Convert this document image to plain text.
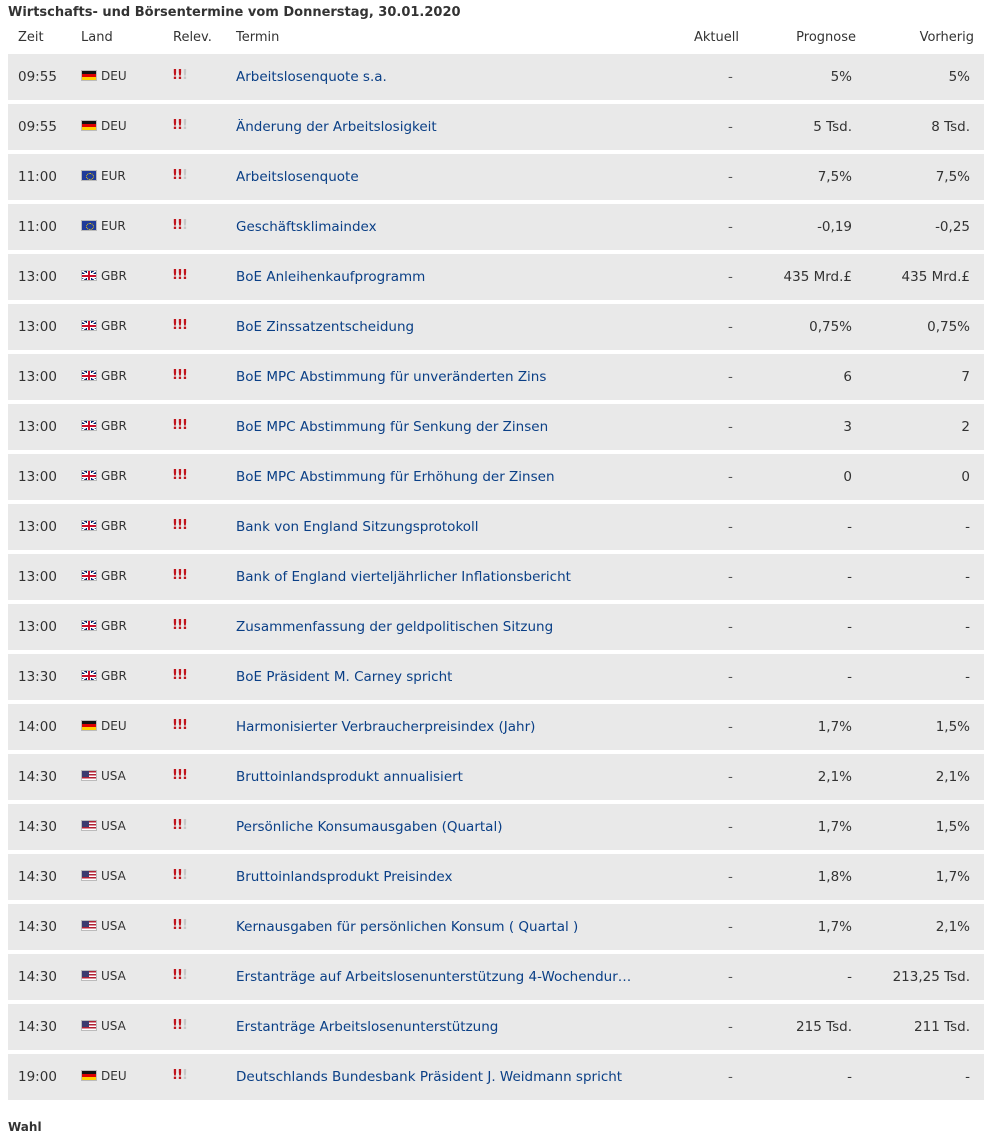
Wirtschafts- und Börsentermine vom Donnerstag, 30.01.2020
Zeit	Land	Relev. Termin	Aktuell	Prognose	Vorherig
09:55	DEU	!!!	Arbeitslosenquote s.a.	-	5%	5%
09:55	DEU	!!!	Änderung der Arbeitslosigkeit	-	5 Tsd.	8 Tsd.
11:00	EUR	!!!	Arbeitslosenquote	-	7,5%	7,5%
11:00	EUR	!!!	Geschäftsklimaindex	-	-0,19	-0,25
13:00	GBR	!!!	BoE Anleihenkaufprogramm	-	435 Mrd.£	435 Mrd.£
13:00	GBR	!!!	BoE Zinssatzentscheidung	-	0,75%	0,75%
13:00	GBR	!!!	BoE MPC Abstimmung für unveränderten Zins	-	6	7
13:00	GBR	!!!	BoE MPC Abstimmung für Senkung der Zinsen	-	3	2
13:00	GBR	!!!	BoE MPC Abstimmung für Erhöhung der Zinsen	-	0	0
13:00	GBR	!!!	Bank von England Sitzungsprotokoll	-	-	-
13:00	GBR	!!!	Bank of England vierteljährlicher Inflationsbericht	-	-	-
13:00	GBR	!!!	Zusammenfassung der geldpolitischen Sitzung	-	-	-
13:30	GBR	!!!	BoE Präsident M. Carney spricht	-	-	-
14:00	DEU	!!!	Harmonisierter Verbraucherpreisindex (Jahr)	-	1,7%	1,5%
14:30	USA	!!!	Bruttoinlandsprodukt annualisiert	-	2,1%	2,1%
14:30	USA	!!!	Persönliche Konsumausgaben (Quartal)	-	1,7%	1,5%
14:30	USA	!!!	Bruttoinlandsprodukt Preisindex	-	1,8%	1,7%
14:30	USA	!!!	Kernausgaben für persönlichen Konsum ( Quartal )	-	1,7%	2,1%
14:30	USA	!!!	Erstanträge auf Arbeitslosenunterstützung 4-Wochendur…	-	-	213,25 Tsd.
14:30	USA	!!!	Erstanträge Arbeitslosenunterstützung	-	215 Tsd.	211 Tsd.
19:00	DEU	!!!	Deutschlands Bundesbank Präsident J. Weidmann spricht	-	-	-
Wahl
